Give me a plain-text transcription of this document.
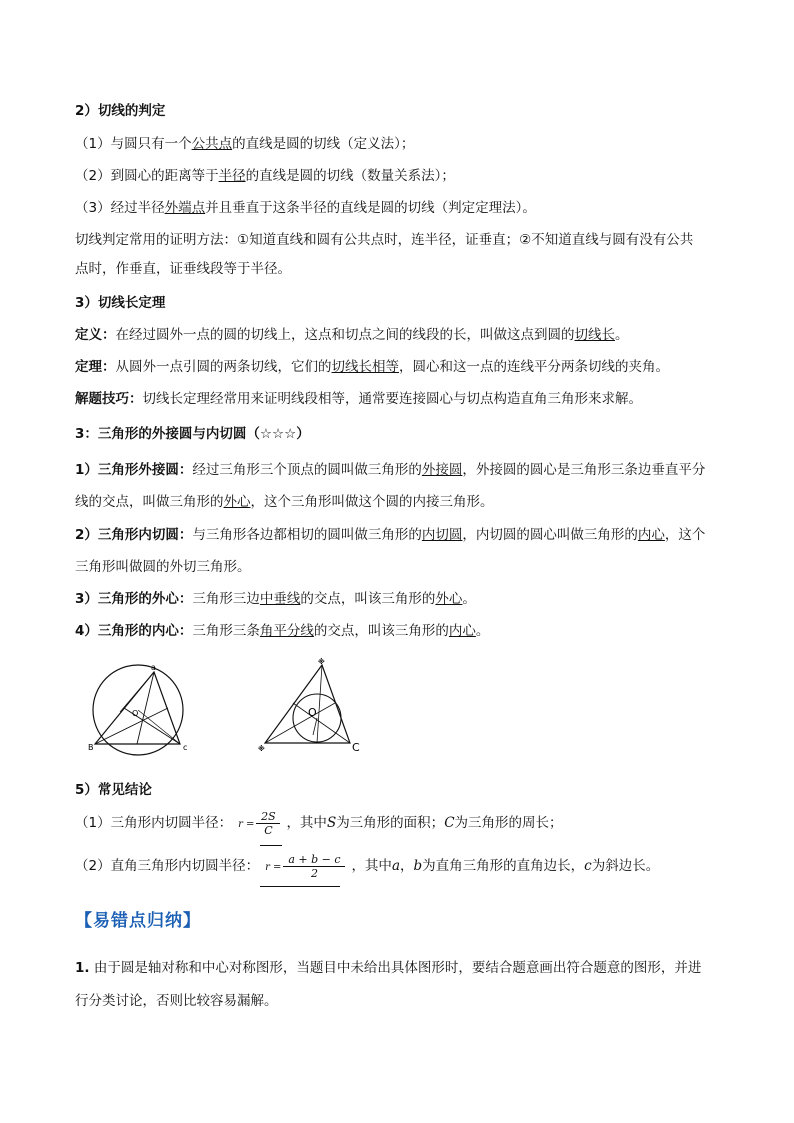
2）切线的判定
（1）与圆只有一个公共点的直线是圆的切线（定义法）；
（2）到圆心的距离等于半径的直线是圆的切线（数量关系法）；
（3）经过半径外端点并且垂直于这条半径的直线是圆的切线（判定定理法）。
切线判定常用的证明方法：①知道直线和圆有公共点时，连半径，证垂直；②不知道直线与圆有没有公共
点时，作垂直，证垂线段等于半径。
3）切线长定理
定义：在经过圆外一点的圆的切线上，这点和切点之间的线段的长，叫做这点到圆的切线长。
定理：从圆外一点引圆的两条切线，它们的切线长相等，圆心和这一点的连线平分两条切线的夹角。
解题技巧：切线长定理经常用来证明线段相等，通常要连接圆心与切点构造直角三角形来求解。
3：三角形的外接圆与内切圆（☆☆☆）
1）三角形外接圆：经过三角形三个顶点的圆叫做三角形的外接圆，外接圆的圆心是三角形三条边垂直平分
线的交点，叫做三角形的外心，这个三角形叫做这个圆的内接三角形。
2）三角形内切圆：与三角形各边都相切的圆叫做三角形的内切圆，内切圆的圆心叫做三角形的内心，这个
三角形叫做圆的外切三角形。
3）三角形的外心：三角形三边中垂线的交点，叫该三角形的外心。
4）三角形的内心：三角形三条角平分线的交点，叫该三角形的内心。
a
B	c
O	O
C
※
※
5）常见结论
（1）三角形内切圆半径： $r = \frac{2S}{C}$ ，其中S为三角形的面积；C为三角形的周长；
（2）直角三角形内切圆半径： $r = \frac{a + b - c}{2}$ ，其中a，b为直角三角形的直角边长，c为斜边长。
【易错点归纳】
1. 由于圆是轴对称和中心对称图形，当题目中未给出具体图形时，要结合题意画出符合题意的图形，并进
行分类讨论，否则比较容易漏解。
